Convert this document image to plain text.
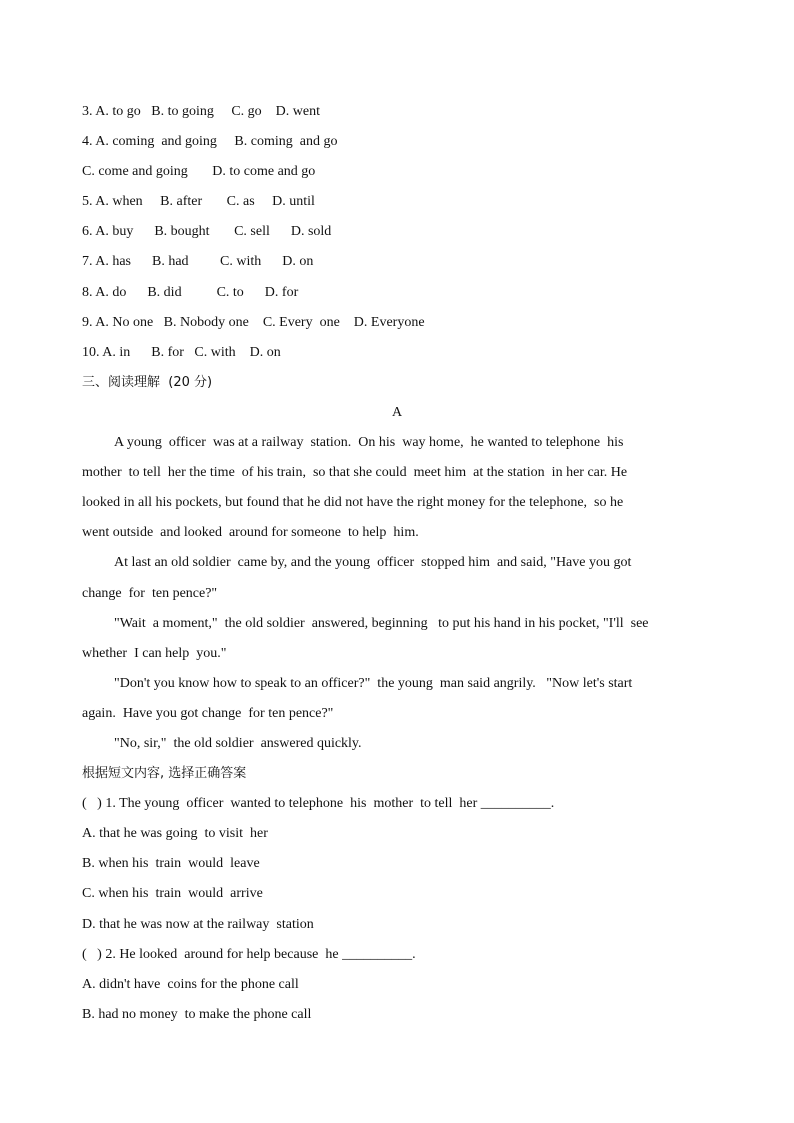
3. A. to go   B. to going     C. go    D. went
4. A. coming  and going     B. coming  and go
C. come and going       D. to come and go
5. A. when     B. after       C. as     D. until
6. A. buy      B. bought       C. sell      D. sold
7. A. has      B. had         C. with      D. on
8. A. do      B. did          C. to      D. for
9. A. No one   B. Nobody one    C. Every  one    D. Everyone
10. A. in      B. for   C. with    D. on
三、阅读理解  (20 分)
A
A young  officer  was at a railway  station.  On his  way home,  he wanted to telephone  his
mother  to tell  her the time  of his train,  so that she could  meet him  at the station  in her car. He
looked in all his pockets, but found that he did not have the right money for the telephone,  so he
went outside  and looked  around for someone  to help  him.
At last an old soldier  came by, and the young  officer  stopped him  and said, "Have you got
change  for  ten pence?"
"Wait  a moment,"  the old soldier  answered, beginning   to put his hand in his pocket, "I'll  see
whether  I can help  you."
"Don't you know how to speak to an officer?"  the young  man said angrily.   "Now let's start
again.  Have you got change  for ten pence?"
"No, sir,"  the old soldier  answered quickly.
根据短文内容, 选择正确答案
(   ) 1. The young  officer  wanted to telephone  his  mother  to tell  her __________.
A. that he was going  to visit  her
B. when his  train  would  leave
C. when his  train  would  arrive
D. that he was now at the railway  station
(   ) 2. He looked  around for help because  he __________.
A. didn't have  coins for the phone call
B. had no money  to make the phone call
